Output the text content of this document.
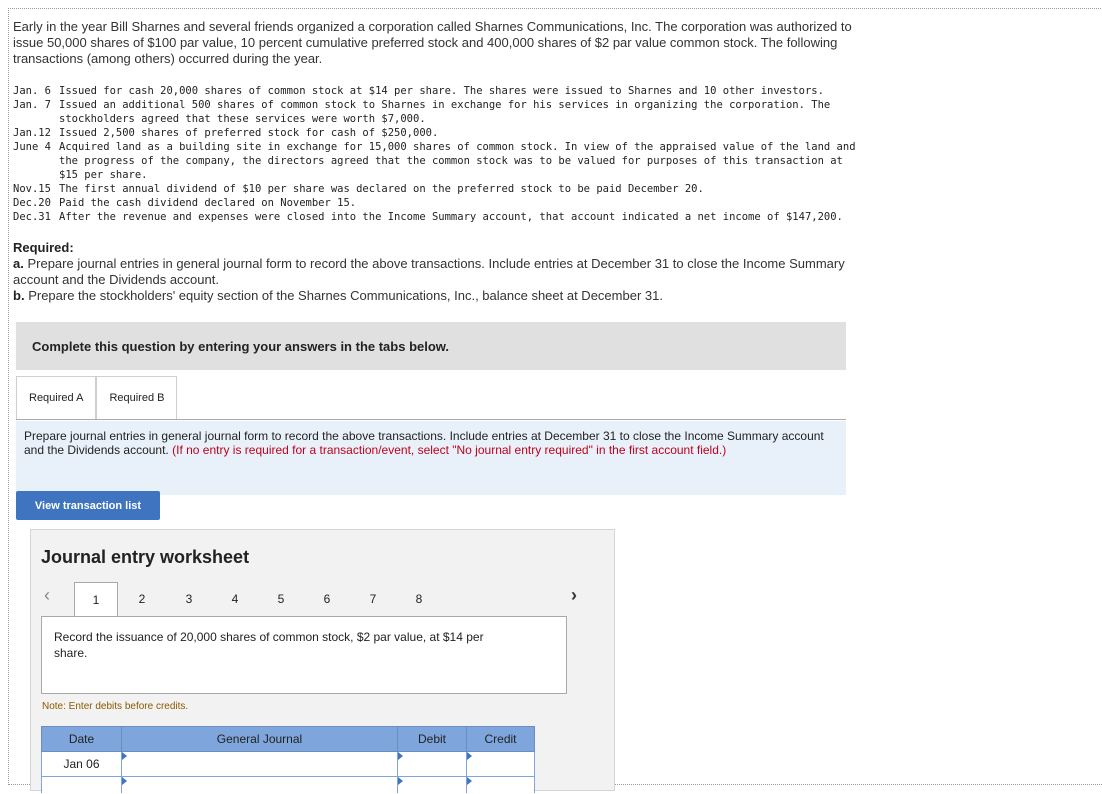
Early in the year Bill Sharnes and several friends organized a corporation called Sharnes Communications, Inc. The corporation was authorized to issue 50,000 shares of $100 par value, 10 percent cumulative preferred stock and 400,000 shares of $2 par value common stock. The following transactions (among others) occurred during the year.
Jan. 6 Issued for cash 20,000 shares of common stock at $14 per share. The shares were issued to Sharnes and 10 other investors.
Jan. 7 Issued an additional 500 shares of common stock to Sharnes in exchange for his services in organizing the corporation. The stockholders agreed that these services were worth $7,000.
Jan.12 Issued 2,500 shares of preferred stock for cash of $250,000.
June 4 Acquired land as a building site in exchange for 15,000 shares of common stock. In view of the appraised value of the land and the progress of the company, the directors agreed that the common stock was to be valued for purposes of this transaction at $15 per share.
Nov.15 The first annual dividend of $10 per share was declared on the preferred stock to be paid December 20.
Dec.20 Paid the cash dividend declared on November 15.
Dec.31 After the revenue and expenses were closed into the Income Summary account, that account indicated a net income of $147,200.
Required:
a. Prepare journal entries in general journal form to record the above transactions. Include entries at December 31 to close the Income Summary account and the Dividends account.
b. Prepare the stockholders' equity section of the Sharnes Communications, Inc., balance sheet at December 31.
Complete this question by entering your answers in the tabs below.
Required A	Required B
Prepare journal entries in general journal form to record the above transactions. Include entries at December 31 to close the Income Summary account and the Dividends account. (If no entry is required for a transaction/event, select "No journal entry required" in the first account field.)
View transaction list
Journal entry worksheet
‹	1	2	3	4	5	6	7	8	›
Record the issuance of 20,000 shares of common stock, $2 par value, at $14 per share.
Note: Enter debits before credits.
Date	General Journal	Debit	Credit
Jan 06			
